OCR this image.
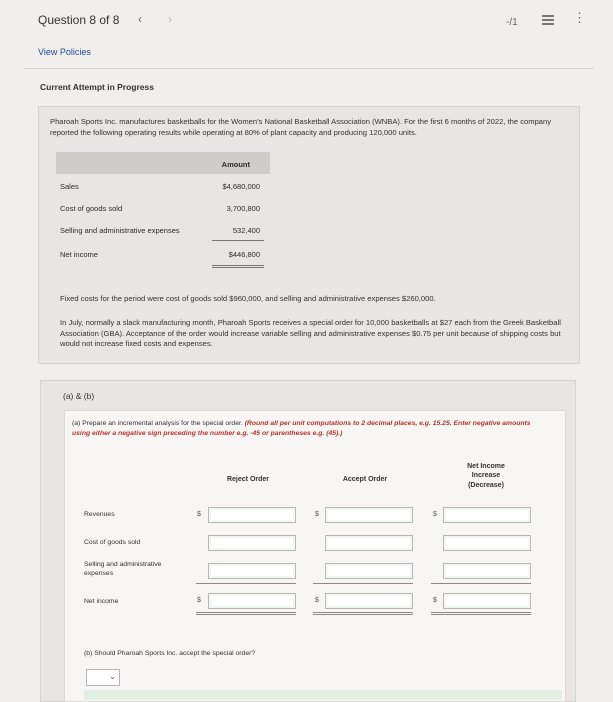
Question 8 of 8 ‹ ›	-/1	⋮
View Policies
Current Attempt in Progress
Pharoah Sports Inc. manufactures basketballs for the Women's National Basketball Association (WNBA). For the first 6 months of 2022, the company reported the following operating results while operating at 80% of plant capacity and producing 120,000 units.
Amount
Sales	$4,680,000
Cost of goods sold	3,700,800
Selling and administrative expenses	532,400
Net income	$446,800
Fixed costs for the period were cost of goods sold $960,000, and selling and administrative expenses $260,000.
In July, normally a slack manufacturing month, Pharoah Sports receives a special order for 10,000 basketballs at $27 each from the Greek Basketball Association (GBA). Acceptance of the order would increase variable selling and administrative expenses $0.75 per unit because of shipping costs but would not increase fixed costs and expenses.
(a) & (b)
(a) Prepare an incremental analysis for the special order. (Round all per unit computations to 2 decimal places, e.g. 15.25. Enter negative amounts using either a negative sign preceding the number e.g. -45 or parentheses e.g. (45).)
Reject Order	Accept Order
Net Income
Increase
(Decrease)
Revenues	$	$	$
Cost of goods sold
Selling and administrative expenses
Net income	$	$	$
(b) Should Pharoah Sports Inc. accept the special order?
⌄
